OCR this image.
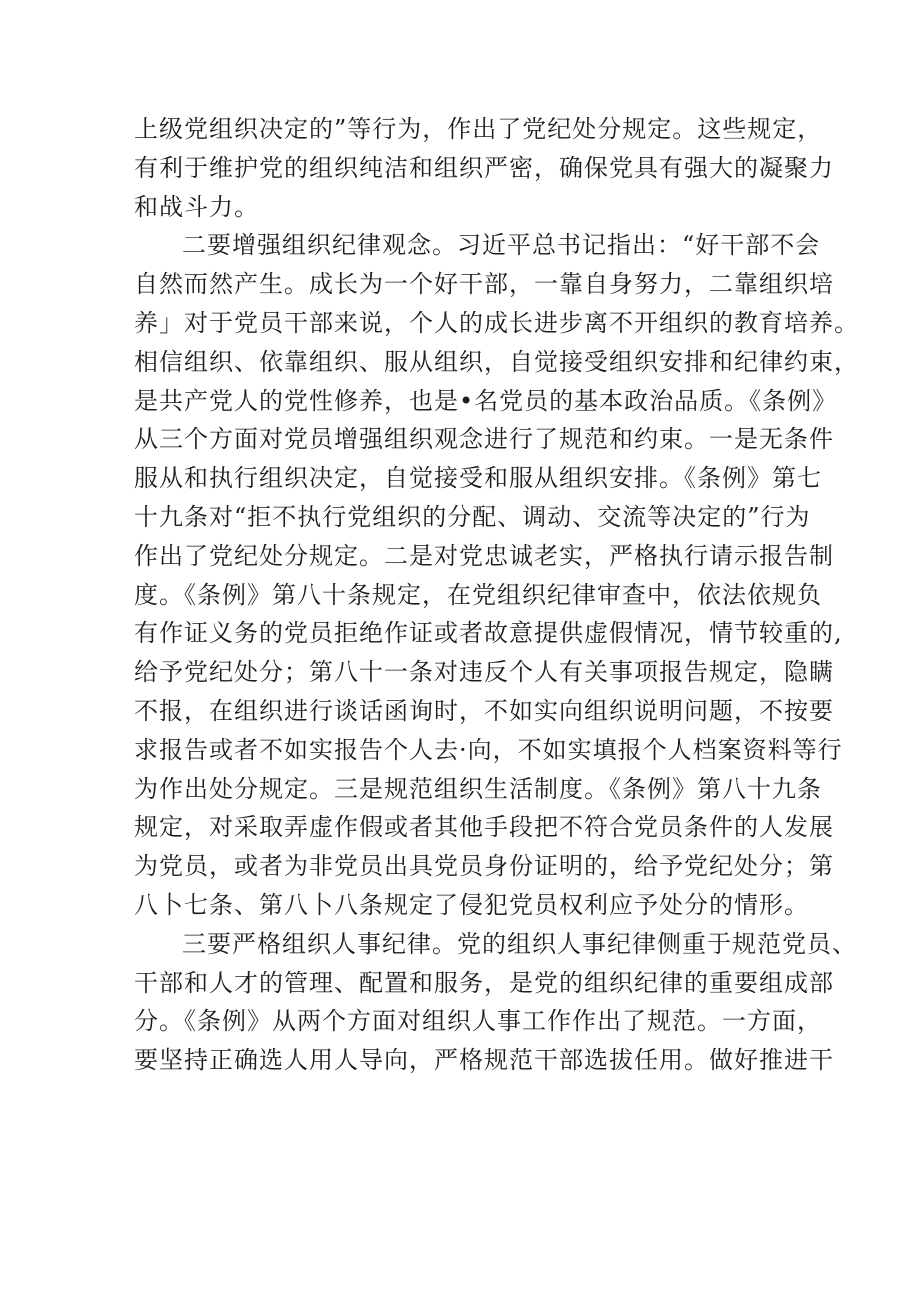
上级党组织决定的”等行为，作出了党纪处分规定。这些规定，
有利于维护党的组织纯洁和组织严密，确保党具有强大的凝聚力
和战斗力。
二要增强组织纪律观念。习近平总书记指出：“好干部不会
自然而然产生。成长为一个好干部，一靠自身努力，二靠组织培
养」对于党员干部来说，个人的成长进步离不开组织的教育培养。
相信组织、依靠组织、服从组织，自觉接受组织安排和纪律约束，
是共产党人的党性修养，也是•名党员的基本政治品质。《条例》
从三个方面对党员增强组织观念进行了规范和约束。一是无条件
服从和执行组织决定，自觉接受和服从组织安排。《条例》第七
十九条对“拒不执行党组织的分配、调动、交流等决定的”行为
作出了党纪处分规定。二是对党忠诚老实，严格执行请示报告制
度。《条例》第八十条规定，在党组织纪律审查中，依法依规负
有作证义务的党员拒绝作证或者故意提供虚假情况，情节较重的,
给予党纪处分；第八十一条对违反个人有关事项报告规定，隐瞒
不报，在组织进行谈话函询时，不如实向组织说明问题，不按要
求报告或者不如实报告个人去·向，不如实填报个人档案资料等行
为作出处分规定。三是规范组织生活制度。《条例》第八十九条
规定，对采取弄虚作假或者其他手段把不符合党员条件的人发展
为党员，或者为非党员出具党员身份证明的，给予党纪处分；第
八卜七条、第八卜八条规定了侵犯党员权利应予处分的情形。
三要严格组织人事纪律。党的组织人事纪律侧重于规范党员、
干部和人才的管理、配置和服务，是党的组织纪律的重要组成部
分。《条例》从两个方面对组织人事工作作出了规范。一方面，
要坚持正确选人用人导向，严格规范干部选拔任用。做好推进干
